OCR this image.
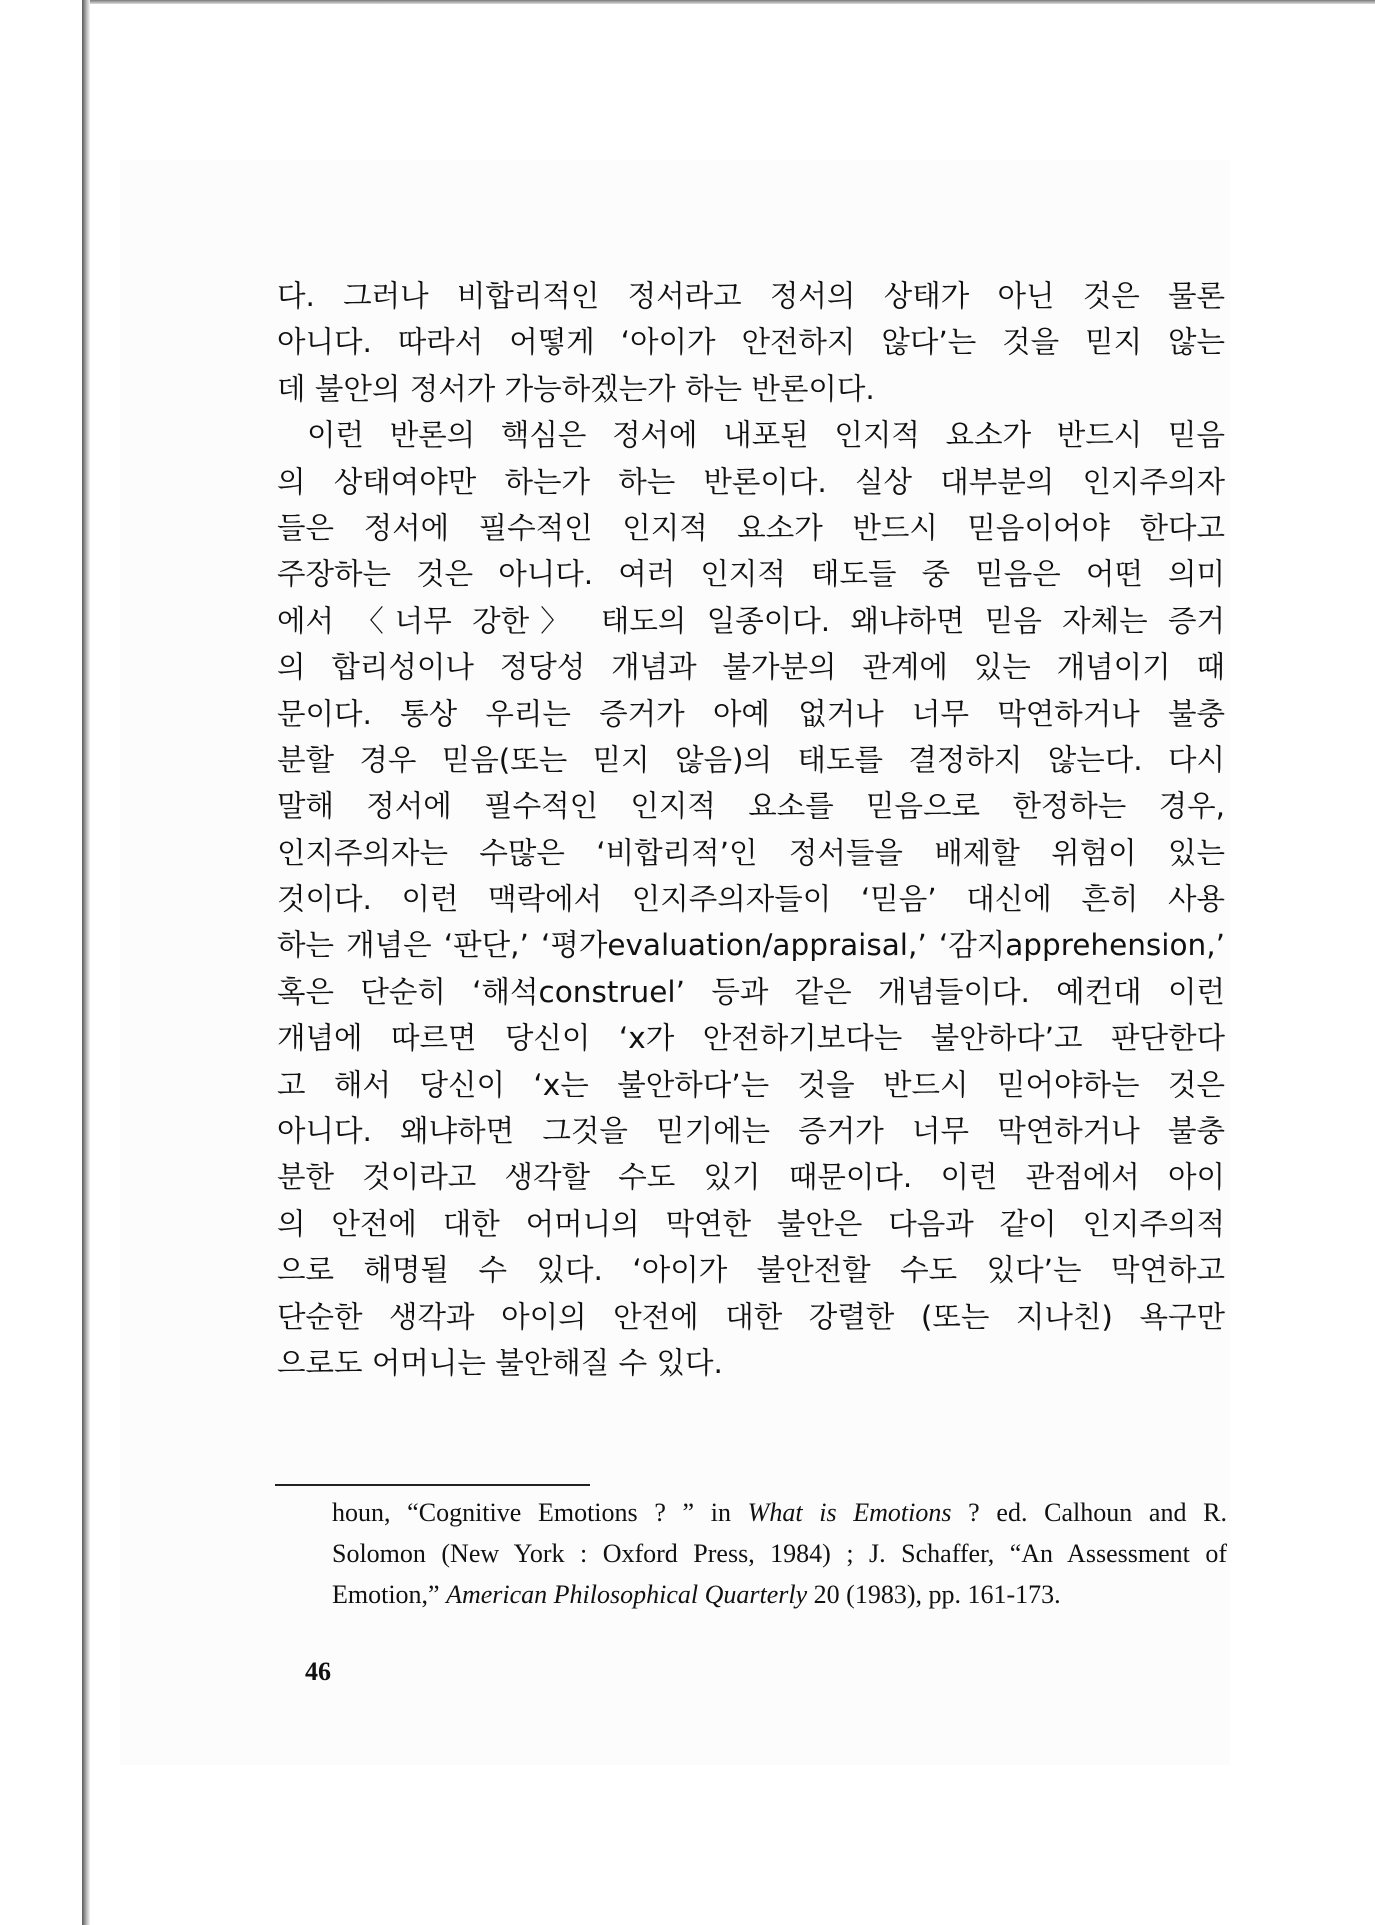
다. 그러나 비합리적인 정서라고 정서의 상태가 아닌 것은 물론
아니다. 따라서 어떻게 ‘아이가 안전하지 않다’는 것을 믿지 않는
데 불안의 정서가 가능하겠는가 하는 반론이다.
이런 반론의 핵심은 정서에 내포된 인지적 요소가 반드시 믿음
의 상태여야만 하는가 하는 반론이다. 실상 대부분의 인지주의자
들은 정서에 필수적인 인지적 요소가 반드시 믿음이어야 한다고
주장하는 것은 아니다. 여러 인지적 태도들 중 믿음은 어떤 의미
에서 〈너무 강한〉 태도의 일종이다. 왜냐하면 믿음 자체는 증거
의 합리성이나 정당성 개념과 불가분의 관계에 있는 개념이기 때
문이다. 통상 우리는 증거가 아예 없거나 너무 막연하거나 불충
분할 경우 믿음(또는 믿지 않음)의 태도를 결정하지 않는다. 다시
말해 정서에 필수적인 인지적 요소를 믿음으로 한정하는 경우,
인지주의자는 수많은 ‘비합리적’인 정서들을 배제할 위험이 있는
것이다. 이런 맥락에서 인지주의자들이 ‘믿음’ 대신에 흔히 사용
하는 개념은 ‘판단,’ ‘평가evaluation/appraisal,’ ‘감지apprehension,’
혹은 단순히 ‘해석construel’ 등과 같은 개념들이다. 예컨대 이런
개념에 따르면 당신이 ‘x가 안전하기보다는 불안하다’고 판단한다
고 해서 당신이 ‘x는 불안하다’는 것을 반드시 믿어야하는 것은
아니다. 왜냐하면 그것을 믿기에는 증거가 너무 막연하거나 불충
분한 것이라고 생각할 수도 있기 때문이다. 이런 관점에서 아이
의 안전에 대한 어머니의 막연한 불안은 다음과 같이 인지주의적
으로 해명될 수 있다. ‘아이가 불안전할 수도 있다’는 막연하고
단순한 생각과 아이의 안전에 대한 강렬한 (또는 지나친) 욕구만
으로도 어머니는 불안해질 수 있다.
houn, “Cognitive Emotions ? ” in What is Emotions ? ed. Calhoun and R.
Solomon (New York : Oxford Press, 1984) ; J. Schaffer, “An Assessment of
Emotion,” American Philosophical Quarterly 20 (1983), pp. 161-173.
46
